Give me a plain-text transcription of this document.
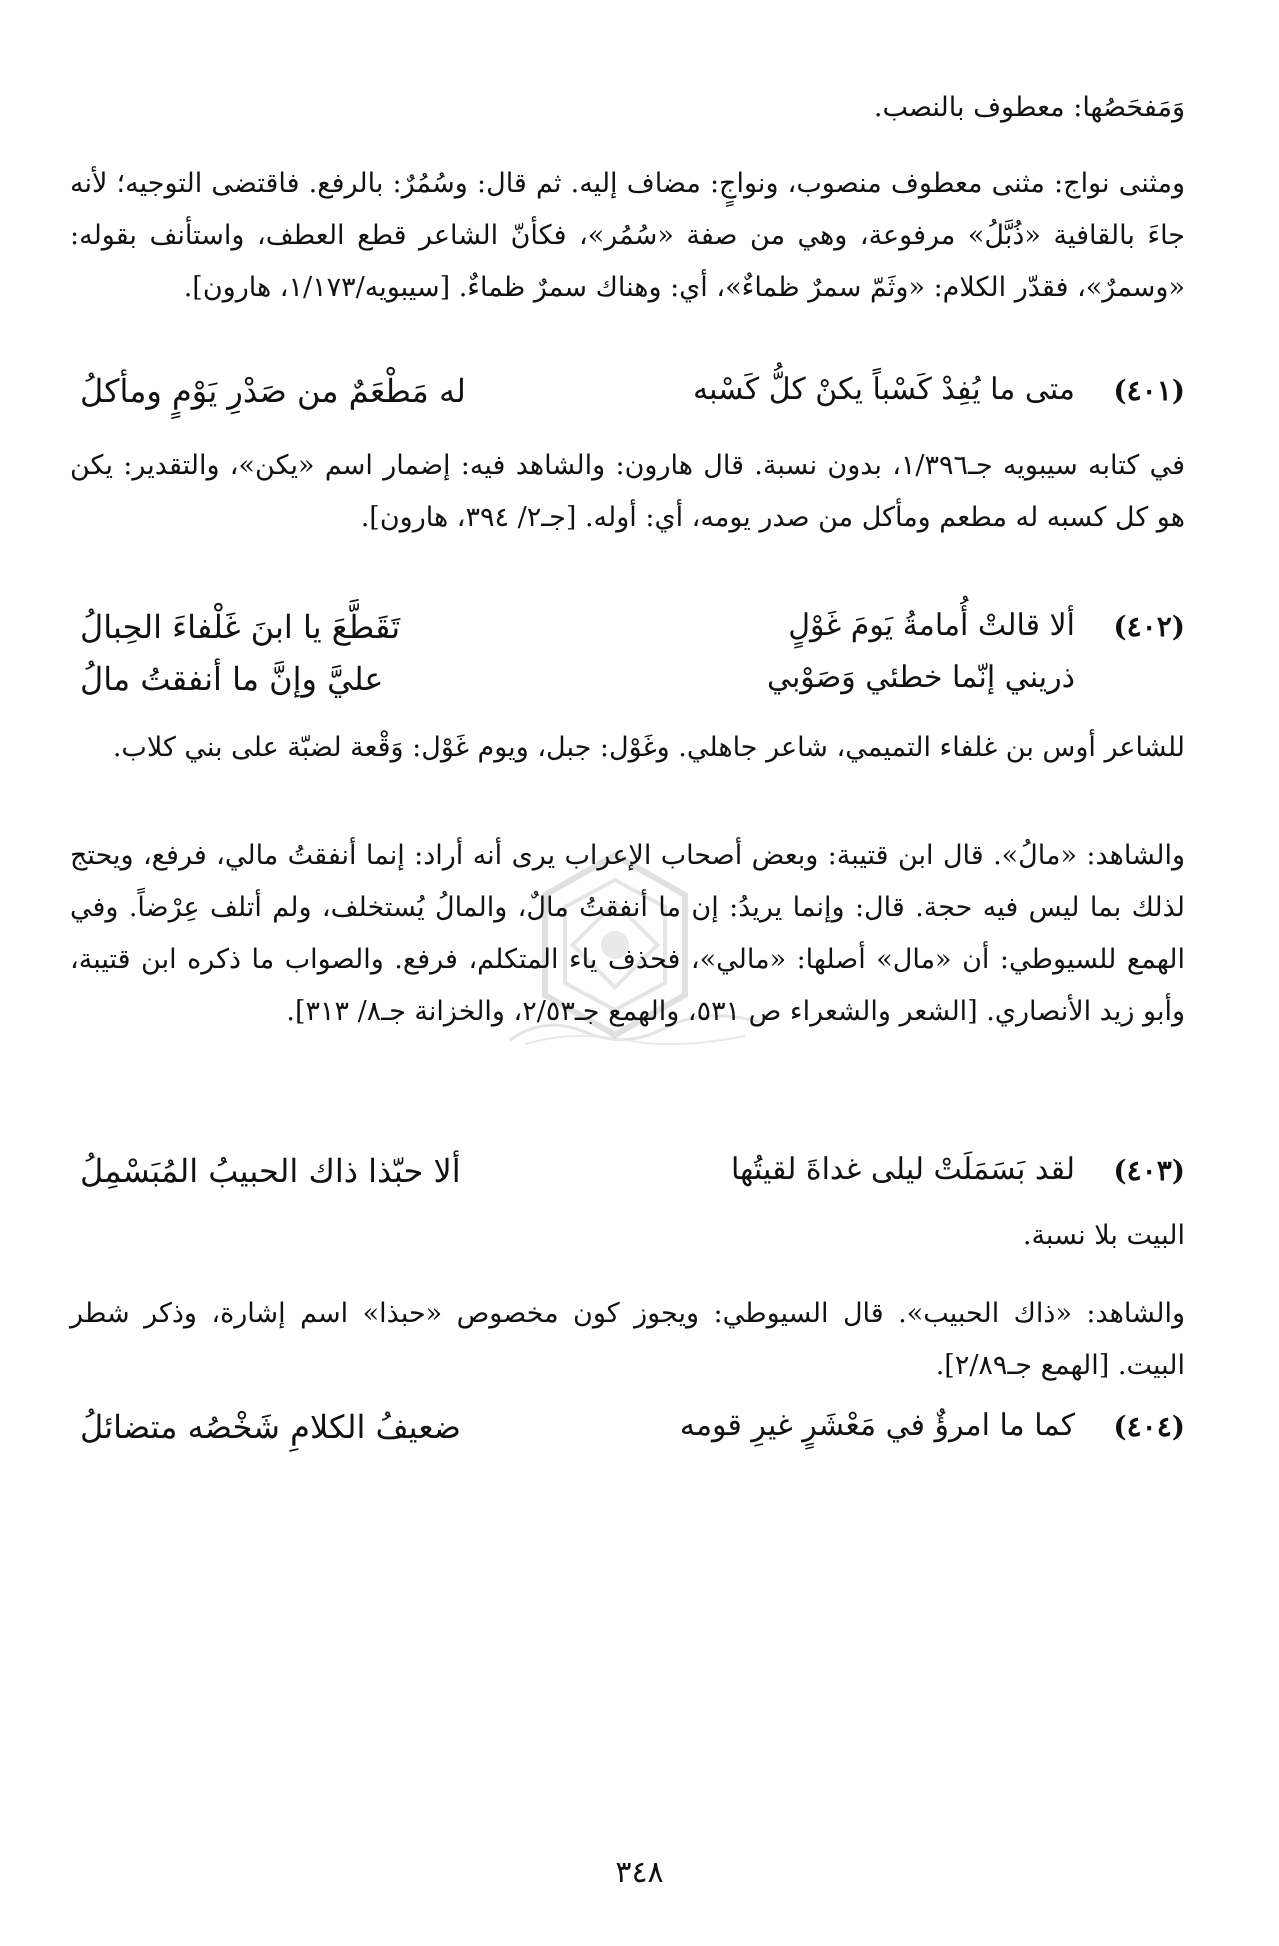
وَمَفحَصُها: معطوف بالنصب.
ومثنى نواج: مثنى معطوف منصوب، ونواجٍ: مضاف إليه. ثم قال: وسُمُرٌ: بالرفع. فاقتضى التوجيه؛ لأنه جاءَ بالقافية «ذُبَّلُ» مرفوعة، وهي من صفة «سُمُر»، فكأنّ الشاعر قطع العطف، واستأنف بقوله: «وسمرٌ»، فقدّر الكلام: «وثَمّ سمرٌ ظماءٌ»، أي: وهناك سمرٌ ظماءٌ. [سيبويه/١/١٧٣، هارون].
(٤٠١)
متى ما يُفِدْ كَسْباً يكنْ كلُّ كَسْبه
له مَطْعَمٌ من صَدْرِ يَوْمٍ ومأكلُ
في كتابه سيبويه جـ١/٣٩٦، بدون نسبة. قال هارون: والشاهد فيه: إضمار اسم «يكن»، والتقدير: يكن هو كل كسبه له مطعم ومأكل من صدر يومه، أي: أوله. [جـ٢/ ٣٩٤، هارون].
(٤٠٢)
ألا قالتْ أُمامةُ يَومَ غَوْلٍ
تَقَطَّعَ يا ابنَ غَلْفاءَ الحِبالُ
ذريني إنّما خطئي وَصَوْبي
عليَّ وإنَّ ما أنفقتُ مالُ
للشاعر أوس بن غلفاء التميمي، شاعر جاهلي. وغَوْل: جبل، ويوم غَوْل: وَقْعة لضبّة على بني كلاب.
والشاهد: «مالُ». قال ابن قتيبة: وبعض أصحاب الإعراب يرى أنه أراد: إنما أنفقتُ مالي، فرفع، ويحتج لذلك بما ليس فيه حجة. قال: وإنما يريدُ: إن ما أنفقتُ مالٌ، والمالُ يُستخلف، ولم أتلف عِرْضاً. وفي الهمع للسيوطي: أن «مال» أصلها: «مالي»، فحذف ياء المتكلم، فرفع. والصواب ما ذكره ابن قتيبة، وأبو زيد الأنصاري. [الشعر والشعراء ص ٥٣١، والهمع جـ٢/٥٣، والخزانة جـ٨/ ٣١٣].
(٤٠٣)
لقد بَسَمَلَتْ ليلى غداةَ لقيتُها
ألا حبّذا ذاك الحبيبُ المُبَسْمِلُ
البيت بلا نسبة.
والشاهد: «ذاك الحبيب». قال السيوطي: ويجوز كون مخصوص «حبذا» اسم إشارة، وذكر شطر البيت. [الهمع جـ٢/٨٩].
(٤٠٤)
كما ما امرؤٌ في مَعْشَرٍ غيرِ قومه
ضعيفُ الكلامِ شَخْصُه متضائلُ
٣٤٨
